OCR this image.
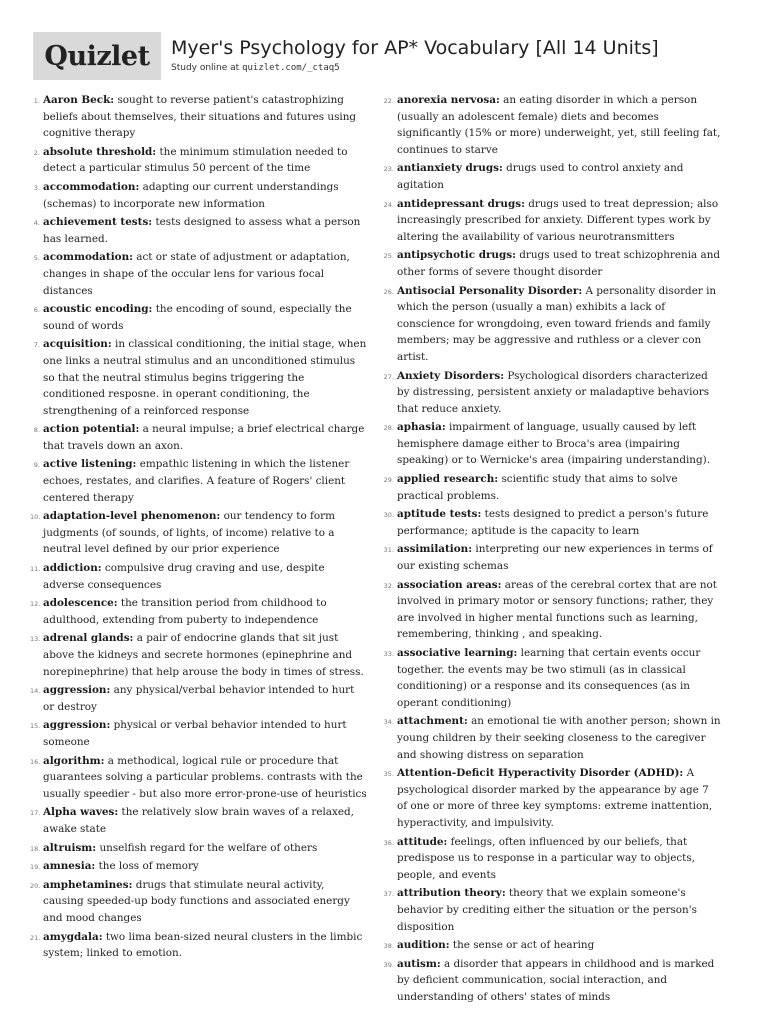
Quizlet Myer's Psychology for AP* Vocabulary [All 14 Units]
Study online at quizlet.com/_ctaq5
1. Aaron Beck: sought to reverse patient's catastrophizing beliefs about themselves, their situations and futures using cognitive therapy
2. absolute threshold: the minimum stimulation needed to detect a particular stimulus 50 percent of the time
3. accommodation: adapting our current understandings (schemas) to incorporate new information
4. achievement tests: tests designed to assess what a person has learned.
5. acommodation: act or state of adjustment or adaptation, changes in shape of the occular lens for various focal distances
6. acoustic encoding: the encoding of sound, especially the sound of words
7. acquisition: in classical conditioning, the initial stage, when one links a neutral stimulus and an unconditioned stimulus so that the neutral stimulus begins triggering the conditioned resposne. in operant conditioning, the strengthening of a reinforced response
8. action potential: a neural impulse; a brief electrical charge that travels down an axon.
9. active listening: empathic listening in which the listener echoes, restates, and clarifies. A feature of Rogers' client centered therapy
10. adaptation-level phenomenon: our tendency to form judgments (of sounds, of lights, of income) relative to a neutral level defined by our prior experience
11. addiction: compulsive drug craving and use, despite adverse consequences
12. adolescence: the transition period from childhood to adulthood, extending from puberty to independence
13. adrenal glands: a pair of endocrine glands that sit just above the kidneys and secrete hormones (epinephrine and norepinephrine) that help arouse the body in times of stress.
14. aggression: any physical/verbal behavior intended to hurt or destroy
15. aggression: physical or verbal behavior intended to hurt someone
16. algorithm: a methodical, logical rule or procedure that guarantees solving a particular problems. contrasts with the usually speedier - but also more error-prone-use of heuristics
17. Alpha waves: the relatively slow brain waves of a relaxed, awake state
18. altruism: unselfish regard for the welfare of others
19. amnesia: the loss of memory
20. amphetamines: drugs that stimulate neural activity, causing speeded-up body functions and associated energy and mood changes
21. amygdala: two lima bean-sized neural clusters in the limbic system; linked to emotion.
22. anorexia nervosa: an eating disorder in which a person (usually an adolescent female) diets and becomes significantly (15% or more) underweight, yet, still feeling fat, continues to starve
23. antianxiety drugs: drugs used to control anxiety and agitation
24. antidepressant drugs: drugs used to treat depression; also increasingly prescribed for anxiety. Different types work by altering the availability of various neurotransmitters
25. antipsychotic drugs: drugs used to treat schizophrenia and other forms of severe thought disorder
26. Antisocial Personality Disorder: A personality disorder in which the person (usually a man) exhibits a lack of conscience for wrongdoing, even toward friends and family members; may be aggressive and ruthless or a clever con artist.
27. Anxiety Disorders: Psychological disorders characterized by distressing, persistent anxiety or maladaptive behaviors that reduce anxiety.
28. aphasia: impairment of language, usually caused by left hemisphere damage either to Broca's area (impairing speaking) or to Wernicke's area (impairing understanding).
29. applied research: scientific study that aims to solve practical problems.
30. aptitude tests: tests designed to predict a person's future performance; aptitude is the capacity to learn
31. assimilation: interpreting our new experiences in terms of our existing schemas
32. association areas: areas of the cerebral cortex that are not involved in primary motor or sensory functions; rather, they are involved in higher mental functions such as learning, remembering, thinking , and speaking.
33. associative learning: learning that certain events occur together. the events may be two stimuli (as in classical conditioning) or a response and its consequences (as in operant conditioning)
34. attachment: an emotional tie with another person; shown in young children by their seeking closeness to the caregiver and showing distress on separation
35. Attention-Deficit Hyperactivity Disorder (ADHD): A psychological disorder marked by the appearance by age 7 of one or more of three key symptoms: extreme inattention, hyperactivity, and impulsivity.
36. attitude: feelings, often influenced by our beliefs, that predispose us to response in a particular way to objects, people, and events
37. attribution theory: theory that we explain someone's behavior by crediting either the situation or the person's disposition
38. audition: the sense or act of hearing
39. autism: a disorder that appears in childhood and is marked by deficient communication, social interaction, and understanding of others' states of minds
